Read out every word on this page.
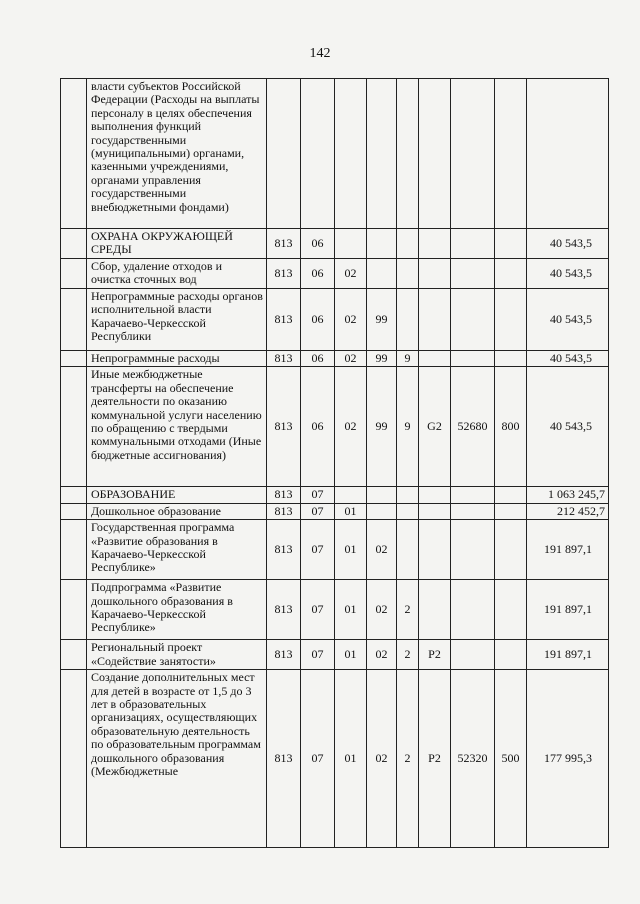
142
	власти субъектов Российской Федерации (Расходы на выплаты персоналу в целях обеспечения выполнения функций государственными (муниципальными) органами, казенными учреждениями, органами управления государственными внебюджетными фондами)									
	ОХРАНА ОКРУЖАЮЩЕЙ СРЕДЫ	813	06							40 543,5
	Сбор, удаление отходов и очистка сточных вод	813	06	02						40 543,5
	Непрограммные расходы органов исполнительной власти Карачаево-Черкесской Республики	813	06	02	99					40 543,5
	Непрограммные расходы	813	06	02	99	9				40 543,5
	Иные межбюджетные трансферты на обеспечение деятельности по оказанию коммунальной услуги населению по обращению с твердыми коммунальными отходами (Иные бюджетные ассигнования)	813	06	02	99	9	G2	52680	800	40 543,5
	ОБРАЗОВАНИЕ	813	07							1 063 245,7
	Дошкольное образование	813	07	01						212 452,7
	Государственная программа «Развитие образования в Карачаево-Черкесской Республике»	813	07	01	02					191 897,1
	Подпрограмма «Развитие дошкольного образования в Карачаево-Черкесской Республике»	813	07	01	02	2				191 897,1
	Региональный проект «Содействие занятости»	813	07	01	02	2	P2			191 897,1
	Создание дополнительных мест для детей в возрасте от 1,5 до 3 лет в образовательных организациях, осуществляющих образовательную деятельность по образовательным программам дошкольного образования (Межбюджетные	813	07	01	02	2	P2	52320	500	177 995,3
